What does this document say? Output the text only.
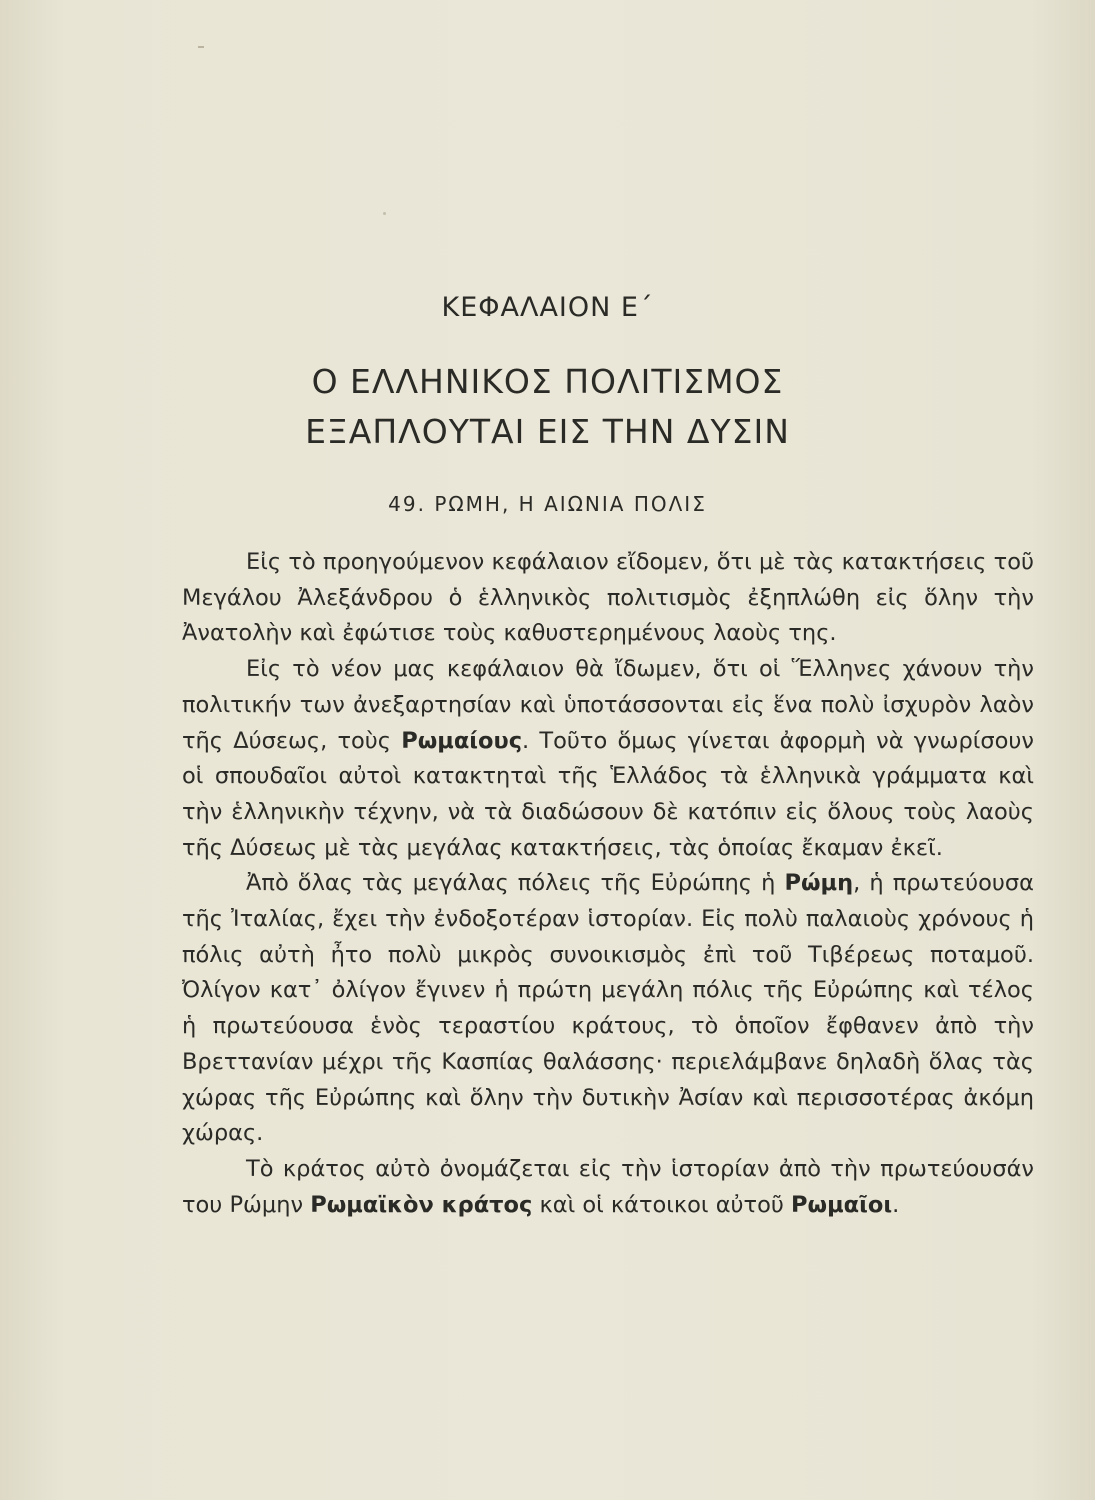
ΚΕΦΑΛΑΙΟΝ Ε΄
Ο ΕΛΛΗΝΙΚΟΣ ΠΟΛΙΤΙΣΜΟΣ
ΕΞΑΠΛΟΥΤΑΙ ΕΙΣ ΤΗΝ ΔΥΣΙΝ
49. ΡΩΜΗ, Η ΑΙΩΝΙΑ ΠΟΛΙΣ

Εἰς τὸ προηγούμενον κεφάλαιον εἴδομεν, ὅτι μὲ τὰς κατακτήσεις τοῦ Μεγάλου Ἀλεξάνδρου ὁ ἑλληνικὸς πολιτισμὸς ἐξηπλώθη εἰς ὅλην τὴν Ἀνατολὴν καὶ ἐφώτισε τοὺς καθυστερημένους λαοὺς της.

Εἰς τὸ νέον μας κεφάλαιον θὰ ἴδωμεν, ὅτι οἱ Ἕλληνες χάνουν τὴν πολιτικήν των ἀνεξαρτησίαν καὶ ὑποτάσσονται εἰς ἕνα πολὺ ἰσχυρὸν λαὸν τῆς Δύσεως, τοὺς Ρωμαίους. Τοῦτο ὅμως γίνεται ἀφορμὴ νὰ γνωρίσουν οἱ σπουδαῖοι αὐτοὶ κατακτηταὶ τῆς Ἑλλάδος τὰ ἑλληνικὰ γράμματα καὶ τὴν ἑλληνικὴν τέχνην, νὰ τὰ διαδώσουν δὲ κατόπιν εἰς ὅλους τοὺς λαοὺς τῆς Δύσεως μὲ τὰς μεγάλας κατακτήσεις, τὰς ὁποίας ἔκαμαν ἐκεῖ.

Ἀπὸ ὅλας τὰς μεγάλας πόλεις τῆς Εὐρώπης ἡ Ρώμη, ἡ πρωτεύουσα τῆς Ἰταλίας, ἔχει τὴν ἐνδοξοτέραν ἱστορίαν. Εἰς πολὺ παλαιοὺς χρόνους ἡ πόλις αὐτὴ ἦτο πολὺ μικρὸς συνοικισμὸς ἐπὶ τοῦ Τιβέρεως ποταμοῦ. Ὀλίγον κατ᾿ ὀλίγον ἔγινεν ἡ πρώτη μεγάλη πόλις τῆς Εὐρώπης καὶ τέλος ἡ πρωτεύουσα ἑνὸς τεραστίου κράτους, τὸ ὁποῖον ἔφθανεν ἀπὸ τὴν Βρεττανίαν μέχρι τῆς Κασπίας θαλάσσης· περιελάμβανε δηλαδὴ ὅλας τὰς χώρας τῆς Εὐρώπης καὶ ὅλην τὴν δυτικὴν Ἀσίαν καὶ περισσοτέρας ἀκόμη χώρας.

Τὸ κράτος αὐτὸ ὀνομάζεται εἰς τὴν ἱστορίαν ἀπὸ τὴν πρωτεύουσάν του Ρώμην Ρωμαϊκὸν κράτος καὶ οἱ κάτοικοι αὐτοῦ Ρωμαῖοι.
